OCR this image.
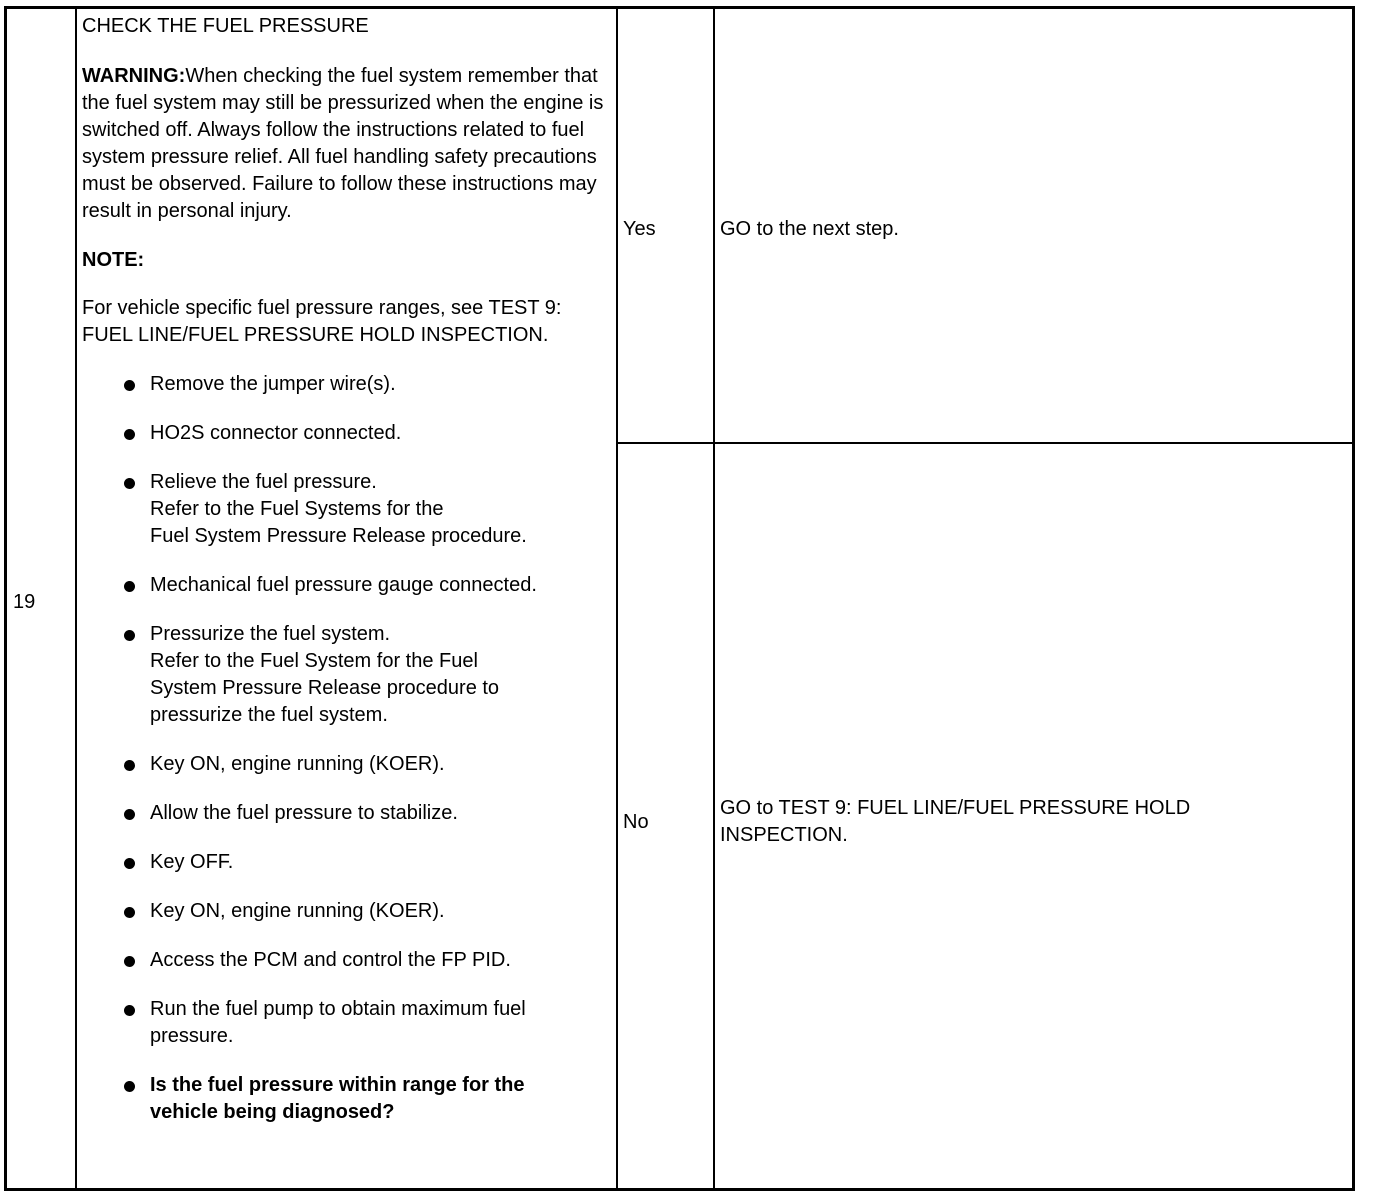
19

CHECK THE FUEL PRESSURE

WARNING:When checking the fuel system remember that the fuel system may still be pressurized when the engine is switched off. Always follow the instructions related to fuel system pressure relief. All fuel handling safety precautions must be observed. Failure to follow these instructions may result in personal injury.

NOTE:

For vehicle specific fuel pressure ranges, see TEST 9: FUEL LINE/FUEL PRESSURE HOLD INSPECTION.

Remove the jumper wire(s).
HO2S connector connected.
Relieve the fuel pressure.
Refer to the Fuel Systems for the
Fuel System Pressure Release procedure.
Mechanical fuel pressure gauge connected.
Pressurize the fuel system.
Refer to the Fuel System for the Fuel
System Pressure Release procedure to
pressurize the fuel system.
Key ON, engine running (KOER).
Allow the fuel pressure to stabilize.
Key OFF.
Key ON, engine running (KOER).
Access the PCM and control the FP PID.
Run the fuel pump to obtain maximum fuel
pressure.
Is the fuel pressure within range for the
vehicle being diagnosed?
Yes	GO to the next step.
No
GO to TEST 9: FUEL LINE/FUEL PRESSURE HOLD INSPECTION.
